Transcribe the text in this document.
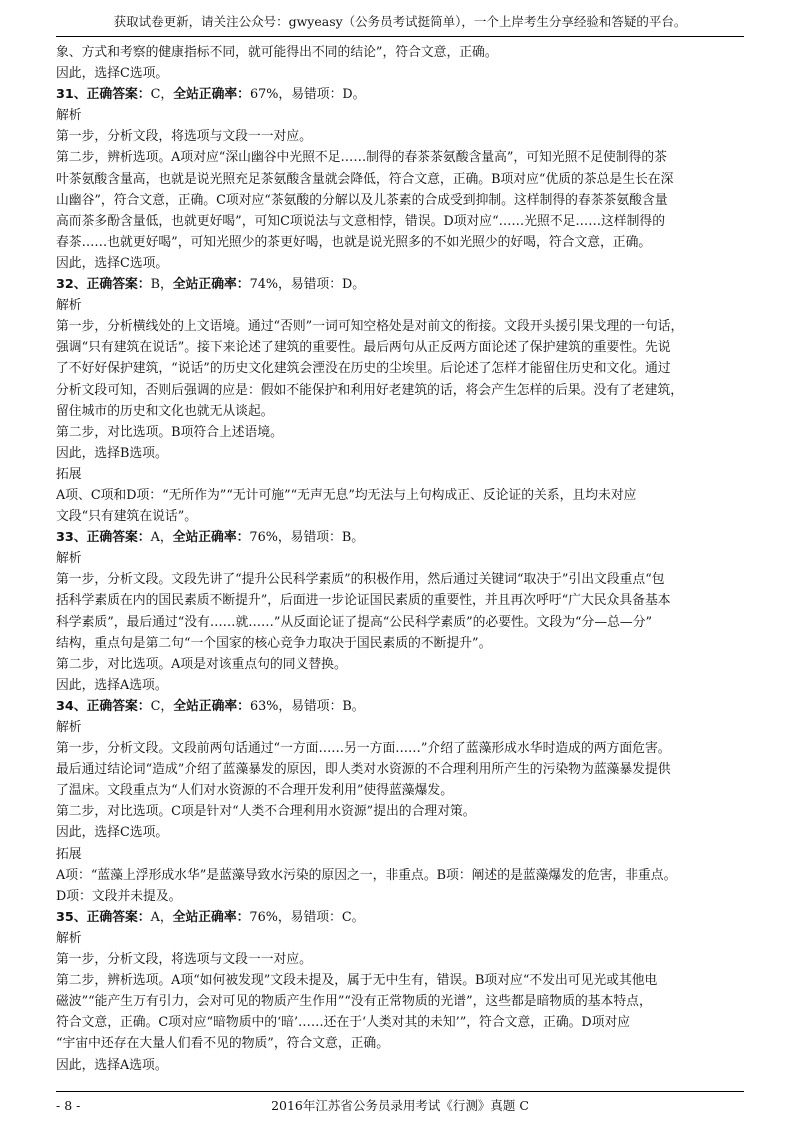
获取试卷更新，请关注公众号：gwyeasy（公务员考试挺简单），一个上岸考生分享经验和答疑的平台。
象、方式和考察的健康指标不同，就可能得出不同的结论”，符合文意，正确。
因此，选择C选项。
31、正确答案：C，全站正确率：67%，易错项：D。
解析
第一步，分析文段，将选项与文段一一对应。
第二步，辨析选项。A项对应“深山幽谷中光照不足……制得的春茶茶氨酸含量高”，可知光照不足使制得的茶
叶茶氨酸含量高，也就是说光照充足茶氨酸含量就会降低，符合文意，正确。B项对应“优质的茶总是生长在深
山幽谷”，符合文意，正确。C项对应“茶氨酸的分解以及儿茶素的合成受到抑制。这样制得的春茶茶氨酸含量
高而茶多酚含量低，也就更好喝”，可知C项说法与文意相悖，错误。D项对应“……光照不足……这样制得的
春茶……也就更好喝”，可知光照少的茶更好喝，也就是说光照多的不如光照少的好喝，符合文意，正确。
因此，选择C选项。
32、正确答案：B，全站正确率：74%，易错项：D。
解析
第一步，分析横线处的上文语境。通过“否则”一词可知空格处是对前文的衔接。文段开头援引果戈理的一句话，
强调“只有建筑在说话”。接下来论述了建筑的重要性。最后两句从正反两方面论述了保护建筑的重要性。先说
了不好好保护建筑，“说话”的历史文化建筑会湮没在历史的尘埃里。后论述了怎样才能留住历史和文化。通过
分析文段可知，否则后强调的应是：假如不能保护和利用好老建筑的话，将会产生怎样的后果。没有了老建筑，
留住城市的历史和文化也就无从谈起。
第二步，对比选项。B项符合上述语境。
因此，选择B选项。
拓展
A项、C项和D项：“无所作为”“无计可施”“无声无息”均无法与上句构成正、反论证的关系，且均未对应
文段“只有建筑在说话”。
33、正确答案：A，全站正确率：76%，易错项：B。
解析
第一步，分析文段。文段先讲了“提升公民科学素质”的积极作用，然后通过关键词“取决于”引出文段重点“包
括科学素质在内的国民素质不断提升”，后面进一步论证国民素质的重要性，并且再次呼吁“广大民众具备基本
科学素质”，最后通过“没有……就……”从反面论证了提高“公民科学素质”的必要性。文段为“分—总—分”
结构，重点句是第二句“一个国家的核心竞争力取决于国民素质的不断提升”。
第二步，对比选项。A项是对该重点句的同义替换。
因此，选择A选项。
34、正确答案：C，全站正确率：63%，易错项：B。
解析
第一步，分析文段。文段前两句话通过“一方面……另一方面……”介绍了蓝藻形成水华时造成的两方面危害。
最后通过结论词“造成”介绍了蓝藻暴发的原因，即人类对水资源的不合理利用所产生的污染物为蓝藻暴发提供
了温床。文段重点为“人们对水资源的不合理开发利用”使得蓝藻爆发。
第二步，对比选项。C项是针对“人类不合理利用水资源”提出的合理对策。
因此，选择C选项。
拓展
A项：“蓝藻上浮形成水华”是蓝藻导致水污染的原因之一，非重点。B项：阐述的是蓝藻爆发的危害，非重点。
D项：文段并未提及。
35、正确答案：A，全站正确率：76%，易错项：C。
解析
第一步，分析文段，将选项与文段一一对应。
第二步，辨析选项。A项“如何被发现”文段未提及，属于无中生有，错误。B项对应“不发出可见光或其他电
磁波”“能产生万有引力，会对可见的物质产生作用”“没有正常物质的光谱”，这些都是暗物质的基本特点，
符合文意，正确。C项对应“暗物质中的‘暗’……还在于‘人类对其的未知’”，符合文意，正确。D项对应
“宇宙中还存在大量人们看不见的物质”，符合文意，正确。
因此，选择A选项。
- 8 -	2016年江苏省公务员录用考试《行测》真题 C
